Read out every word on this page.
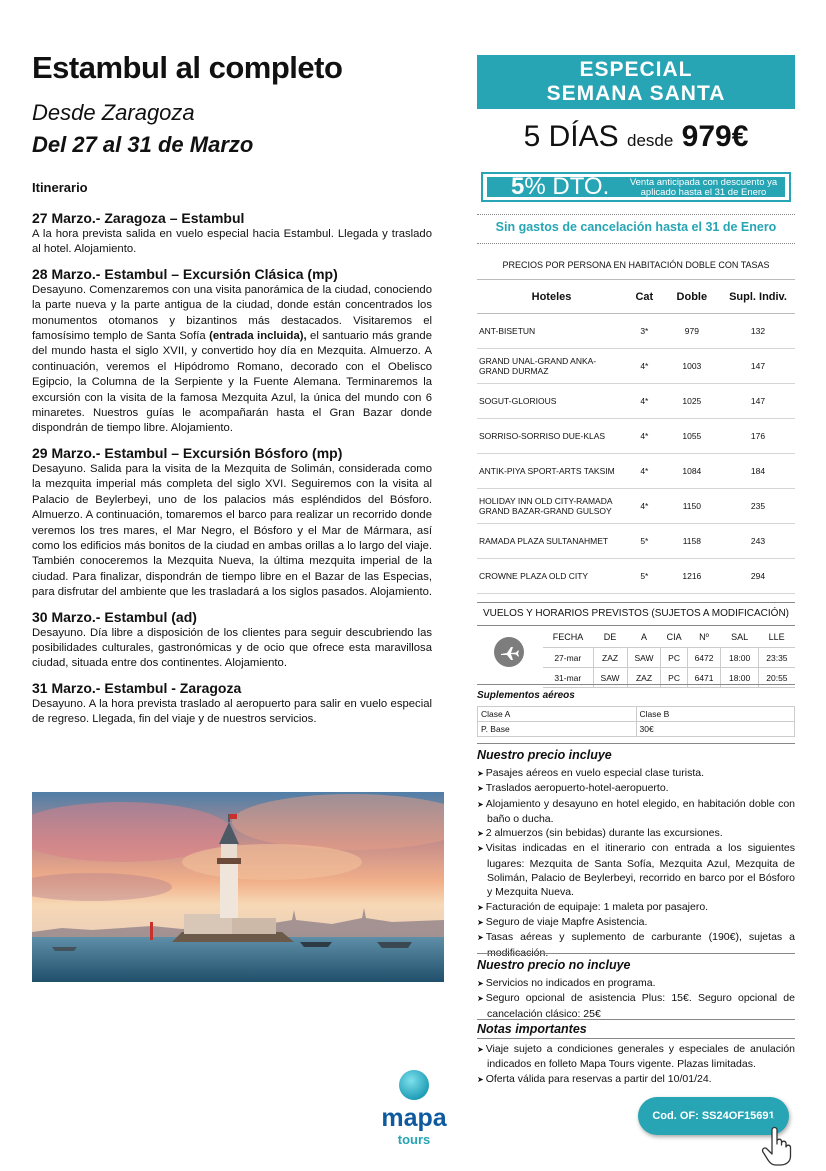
Estambul al completo
Desde Zaragoza
Del 27 al 31 de Marzo
Itinerario
27 Marzo.- Zaragoza – Estambul

A la hora prevista salida en vuelo especial hacia Estambul. Llegada y traslado al hotel. Alojamiento.

28 Marzo.- Estambul – Excursión Clásica (mp)

Desayuno. Comenzaremos con una visita panorámica de la ciudad, conociendo la parte nueva y la parte antigua de la ciudad, donde están concentrados los monumentos otomanos y bizantinos más destacados. Visitaremos el famosísimo templo de Santa Sofía (entrada incluida), el santuario más grande del mundo hasta el siglo XVII, y convertido hoy día en Mezquita. Almuerzo. A continuación, veremos el Hipódromo Romano, decorado con el Obelisco Egipcio, la Columna de la Serpiente y la Fuente Alemana. Terminaremos la excursión con la visita de la famosa Mezquita Azul, la única del mundo con 6 minaretes. Nuestros guías le acompañarán hasta el Gran Bazar donde dispondrán de tiempo libre. Alojamiento.

29 Marzo.- Estambul – Excursión Bósforo (mp)

Desayuno. Salida para la visita de la Mezquita de Solimán, considerada como la mezquita imperial más completa del siglo XVI. Seguiremos con la visita al Palacio de Beylerbeyi, uno de los palacios más espléndidos del Bósforo. Almuerzo. A continuación, tomaremos el barco para realizar un recorrido donde veremos los tres mares, el Mar Negro, el Bósforo y el Mar de Mármara, así como los edificios más bonitos de la ciudad en ambas orillas a lo largo del viaje. También conoceremos la Mezquita Nueva, la última mezquita imperial de la ciudad. Para finalizar, dispondrán de tiempo libre en el Bazar de las Especias, para disfrutar del ambiente que les trasladará a los siglos pasados. Alojamiento.

30 Marzo.- Estambul (ad)

Desayuno. Día libre a disposición de los clientes para seguir descubriendo las posibilidades culturales, gastronómicas y de ocio que ofrece esta maravillosa ciudad, situada entre dos continentes. Alojamiento.

31 Marzo.- Estambul - Zaragoza

Desayuno. A la hora prevista traslado al aeropuerto para salir en vuelo especial de regreso. Llegada, fin del viaje y de nuestros servicios.

mapa
tours
ESPECIAL
SEMANA SANTA
5 DÍAS desde 979€
5% DTO.	Venta anticipada con descuento ya aplicado hasta el 31 de Enero
Sin gastos de cancelación hasta el 31 de Enero
PRECIOS POR PERSONA EN HABITACIÓN DOBLE CON TASAS
Hoteles	Cat	Doble	Supl. Indiv.
ANT-BISETUN	3*	979	132
GRAND UNAL-GRAND ANKA-GRAND DURMAZ	4*	1003	147
SOGUT-GLORIOUS	4*	1025	147
SORRISO-SORRISO DUE-KLAS	4*	1055	176
ANTIK-PIYA SPORT-ARTS TAKSIM	4*	1084	184
HOLIDAY INN OLD CITY-RAMADA GRAND BAZAR-GRAND GULSOY	4*	1150	235
RAMADA PLAZA SULTANAHMET	5*	1158	243
CROWNE PLAZA OLD CITY	5*	1216	294
VUELOS Y HORARIOS PREVISTOS (SUJETOS A MODIFICACIÓN)
FECHA	DE	A	CIA	Nº	SAL	LLE
27-mar	ZAZ	SAW	PC	6472	18:00	23:35
31-mar	SAW	ZAZ	PC	6471	18:00	20:55
Suplementos aéreos
Clase A	Clase B
P. Base	30€
Nuestro precio incluye
➤ Pasajes aéreos en vuelo especial clase turista.
➤ Traslados aeropuerto-hotel-aeropuerto.
➤ Alojamiento y desayuno en hotel elegido, en habitación doble con baño o ducha.
➤ 2 almuerzos (sin bebidas) durante las excursiones.
➤ Visitas indicadas en el itinerario con entrada a los siguientes lugares: Mezquita de Santa Sofía, Mezquita Azul, Mezquita de Solimán, Palacio de Beylerbeyi, recorrido en barco por el Bósforo y Mezquita Nueva.
➤ Facturación de equipaje: 1 maleta por pasajero.
➤ Seguro de viaje Mapfre Asistencia.
➤ Tasas aéreas y suplemento de carburante (190€), sujetas a modificación.
Nuestro precio no incluye
➤ Servicios no indicados en programa.
➤ Seguro opcional de asistencia Plus: 15€. Seguro opcional de cancelación clásico: 25€
Notas importantes
➤ Viaje sujeto a condiciones generales y especiales de anulación indicados en folleto Mapa Tours vigente. Plazas limitadas.
➤ Oferta válida para reservas a partir del 10/01/24.
Cod. OF: SS24OF15691
